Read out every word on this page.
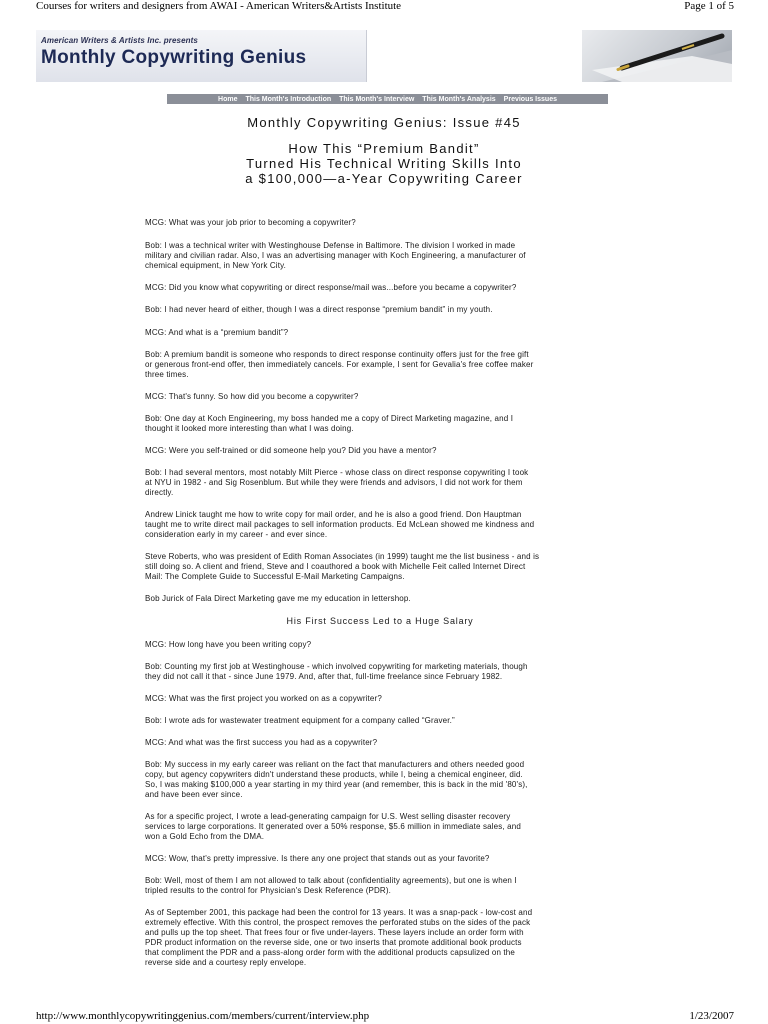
Courses for writers and designers from AWAI - American Writers&Artists Institute	Page 1 of 5
American Writers & Artists Inc. presents
Monthly Copywriting Genius
Home This Month's Introduction This Month's Interview This Month's Analysis Previous Issues
Monthly Copywriting Genius: Issue #45
How This “Premium Bandit”
Turned His Technical Writing Skills Into
a $100,000—a-Year Copywriting Career
MCG: What was your job prior to becoming a copywriter?
Bob: I was a technical writer with Westinghouse Defense in Baltimore. The division I worked in made
military and civilian radar. Also, I was an advertising manager with Koch Engineering, a manufacturer of
chemical equipment, in New York City.
MCG: Did you know what copywriting or direct response/mail was...before you became a copywriter?
Bob: I had never heard of either, though I was a direct response “premium bandit” in my youth.
MCG: And what is a “premium bandit”?
Bob: A premium bandit is someone who responds to direct response continuity offers just for the free gift
or generous front-end offer, then immediately cancels. For example, I sent for Gevalia's free coffee maker
three times.
MCG: That's funny. So how did you become a copywriter?
Bob: One day at Koch Engineering, my boss handed me a copy of Direct Marketing magazine, and I
thought it looked more interesting than what I was doing.
MCG: Were you self-trained or did someone help you? Did you have a mentor?
Bob: I had several mentors, most notably Milt Pierce - whose class on direct response copywriting I took
at NYU in 1982 - and Sig Rosenblum. But while they were friends and advisors, I did not work for them
directly.
Andrew Linick taught me how to write copy for mail order, and he is also a good friend. Don Hauptman
taught me to write direct mail packages to sell information products. Ed McLean showed me kindness and
consideration early in my career - and ever since.
Steve Roberts, who was president of Edith Roman Associates (in 1999) taught me the list business - and is
still doing so. A client and friend, Steve and I coauthored a book with Michelle Feit called Internet Direct
Mail: The Complete Guide to Successful E-Mail Marketing Campaigns.
Bob Jurick of Fala Direct Marketing gave me my education in lettershop.
MCG: How long have you been writing copy?
Bob: Counting my first job at Westinghouse - which involved copywriting for marketing materials, though
they did not call it that - since June 1979. And, after that, full-time freelance since February 1982.
MCG: What was the first project you worked on as a copywriter?
Bob: I wrote ads for wastewater treatment equipment for a company called “Graver.”
MCG: And what was the first success you had as a copywriter?
Bob: My success in my early career was reliant on the fact that manufacturers and others needed good
copy, but agency copywriters didn't understand these products, while I, being a chemical engineer, did.
So, I was making $100,000 a year starting in my third year (and remember, this is back in the mid '80's),
and have been ever since.
As for a specific project, I wrote a lead-generating campaign for U.S. West selling disaster recovery
services to large corporations. It generated over a 50% response, $5.6 million in immediate sales, and
won a Gold Echo from the DMA.
MCG: Wow, that's pretty impressive. Is there any one project that stands out as your favorite?
Bob: Well, most of them I am not allowed to talk about (confidentiality agreements), but one is when I
tripled results to the control for Physician's Desk Reference (PDR).
As of September 2001, this package had been the control for 13 years. It was a snap-pack - low-cost and
extremely effective. With this control, the prospect removes the perforated stubs on the sides of the pack
and pulls up the top sheet. That frees four or five under-layers. These layers include an order form with
PDR product information on the reverse side, one or two inserts that promote additional book products
that compliment the PDR and a pass-along order form with the additional products capsulized on the
reverse side and a courtesy reply envelope.
His First Success Led to a Huge Salary
http://www.monthlycopywritinggenius.com/members/current/interview.php	1/23/2007
